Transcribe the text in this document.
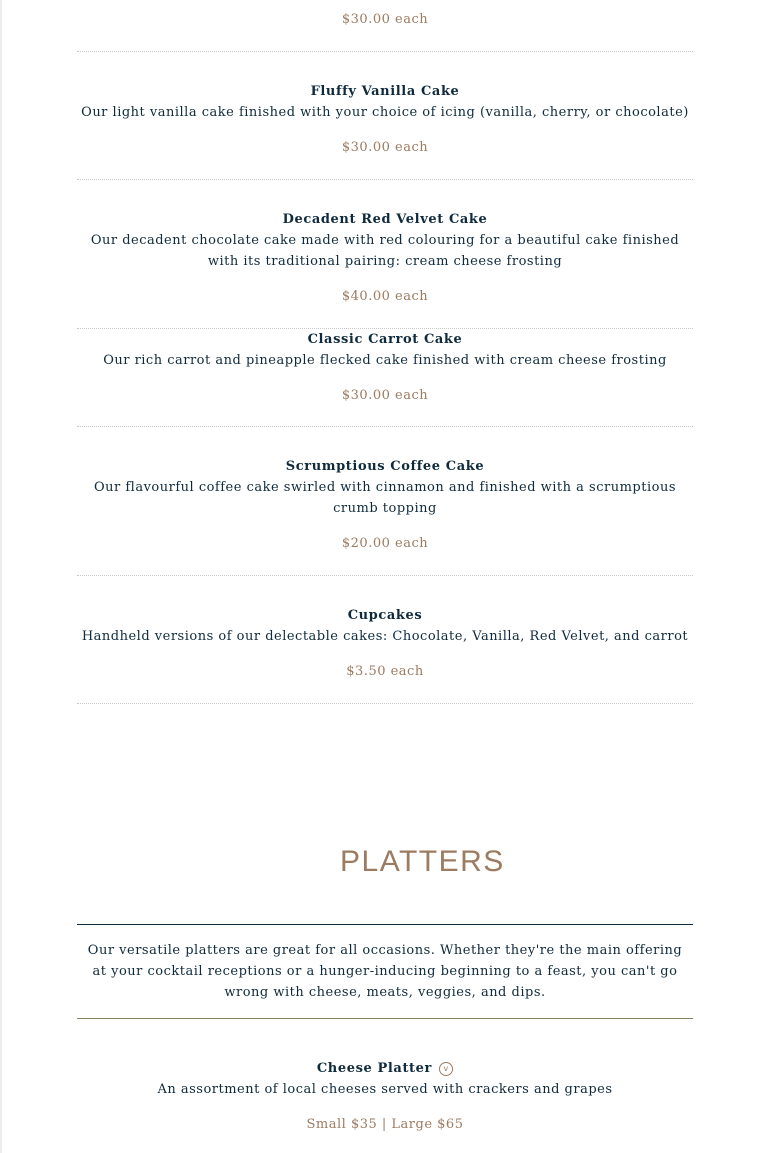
$30.00 each
Fluffy Vanilla Cake
Our light vanilla cake finished with your choice of icing (vanilla, cherry, or chocolate)
$30.00 each
Decadent Red Velvet Cake
Our decadent chocolate cake made with red colouring for a beautiful cake finished with its traditional pairing: cream cheese frosting
$40.00 each
Classic Carrot Cake
Our rich carrot and pineapple flecked cake finished with cream cheese frosting
$30.00 each
Scrumptious Coffee Cake
Our flavourful coffee cake swirled with cinnamon and finished with a scrumptious crumb topping
$20.00 each
Cupcakes
Handheld versions of our delectable cakes: Chocolate, Vanilla, Red Velvet, and carrot
$3.50 each
PLATTERS
Our versatile platters are great for all occasions. Whether they're the main offering at your cocktail receptions or a hunger-inducing beginning to a feast, you can't go wrong with cheese, meats, veggies, and dips.
Cheese Platter v
An assortment of local cheeses served with crackers and grapes
Small $35 | Large $65
